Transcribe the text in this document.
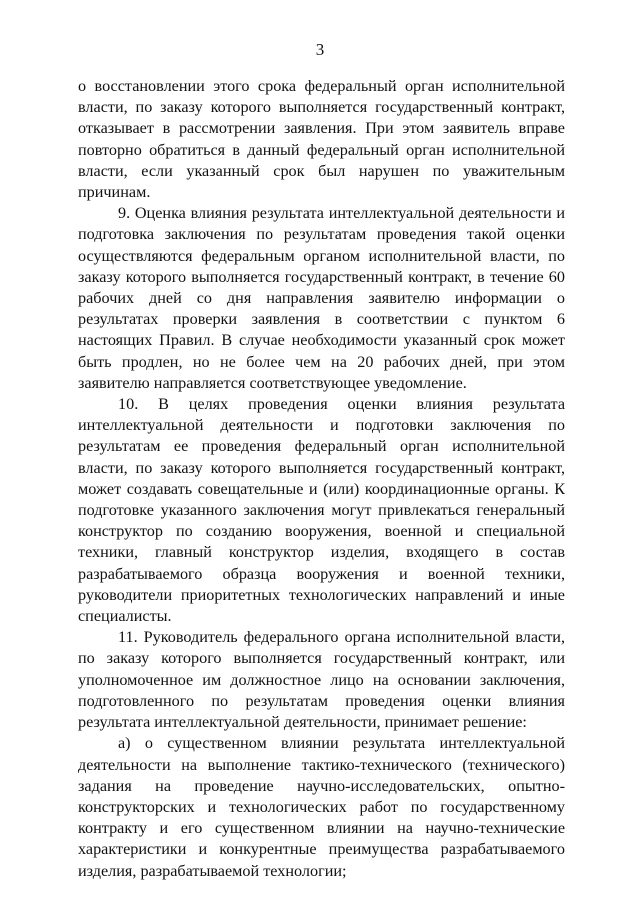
3

о восстановлении этого срока федеральный орган исполнительной власти, по заказу которого выполняется государственный контракт, отказывает в рассмотрении заявления. При этом заявитель вправе повторно обратиться в данный федеральный орган исполнительной власти, если указанный срок был нарушен по уважительным причинам.

9. Оценка влияния результата интеллектуальной деятельности и подготовка заключения по результатам проведения такой оценки осуществляются федеральным органом исполнительной власти, по заказу которого выполняется государственный контракт, в течение 60 рабочих дней со дня направления заявителю информации о результатах проверки заявления в соответствии с пунктом 6 настоящих Правил. В случае необходимости указанный срок может быть продлен, но не более чем на 20 рабочих дней, при этом заявителю направляется соответствующее уведомление.

10. В целях проведения оценки влияния результата интеллектуальной деятельности и подготовки заключения по результатам ее проведения федеральный орган исполнительной власти, по заказу которого выполняется государственный контракт, может создавать совещательные и (или) координационные органы. К подготовке указанного заключения могут привлекаться генеральный конструктор по созданию вооружения, военной и специальной техники, главный конструктор изделия, входящего в состав разрабатываемого образца вооружения и военной техники, руководители приоритетных технологических направлений и иные специалисты.

11. Руководитель федерального органа исполнительной власти, по заказу которого выполняется государственный контракт, или уполномоченное им должностное лицо на основании заключения, подготовленного по результатам проведения оценки влияния результата интеллектуальной деятельности, принимает решение:

а) о существенном влиянии результата интеллектуальной деятельности на выполнение тактико-технического (технического) задания на проведение научно-исследовательских, опытно-конструкторских и технологических работ по государственному контракту и его существенном влиянии на научно-технические характеристики и конкурентные преимущества разрабатываемого изделия, разрабатываемой технологии;
